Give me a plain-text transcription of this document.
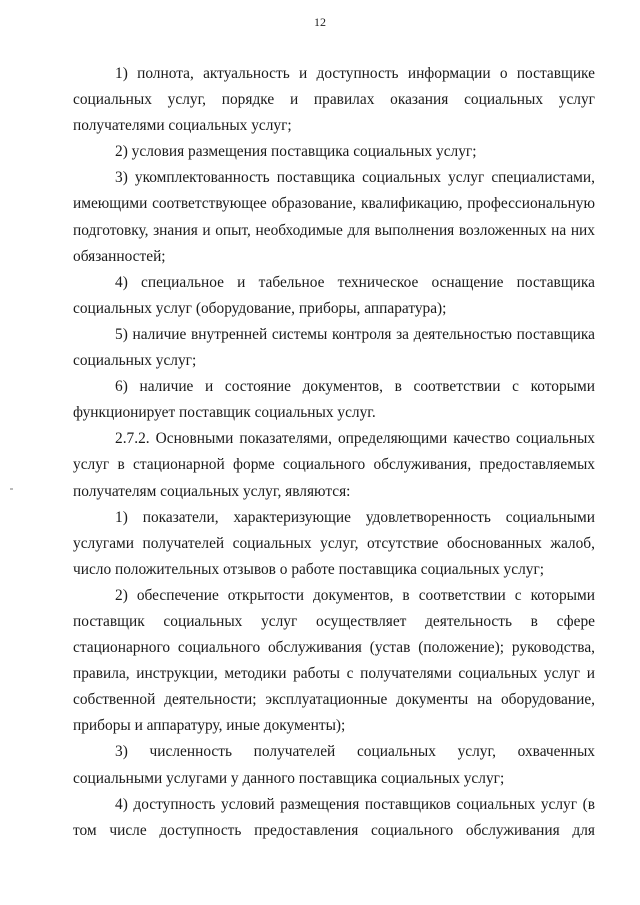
12

1) полнота, актуальность и доступность информации о поставщике социальных услуг, порядке и правилах оказания социальных услуг получателями социальных услуг;

2) условия размещения поставщика социальных услуг;

3) укомплектованность поставщика социальных услуг специалистами, имеющими соответствующее образование, квалификацию, профессиональную подготовку, знания и опыт, необходимые для выполнения возложенных на них обязанностей;

4) специальное и табельное техническое оснащение поставщика социальных услуг (оборудование, приборы, аппаратура);

5) наличие внутренней системы контроля за деятельностью поставщика социальных услуг;

6) наличие и состояние документов, в соответствии с которыми функционирует поставщик социальных услуг.

2.7.2. Основными показателями, определяющими качество социальных услуг в стационарной форме социального обслуживания, предоставляемых получателям социальных услуг, являются:

1) показатели, характеризующие удовлетворенность социальными услугами получателей социальных услуг, отсутствие обоснованных жалоб, число положительных отзывов о работе поставщика социальных услуг;

2) обеспечение открытости документов, в соответствии с которыми поставщик социальных услуг осуществляет деятельность в сфере стационарного социального обслуживания (устав (положение); руководства, правила, инструкции, методики работы с получателями социальных услуг и собственной деятельности; эксплуатационные документы на оборудование, приборы и аппаратуру, иные документы);

3) численность получателей социальных услуг, охваченных социальными услугами у данного поставщика социальных услуг;

4) доступность условий размещения поставщиков социальных услуг (в том числе доступность предоставления социального обслуживания для
